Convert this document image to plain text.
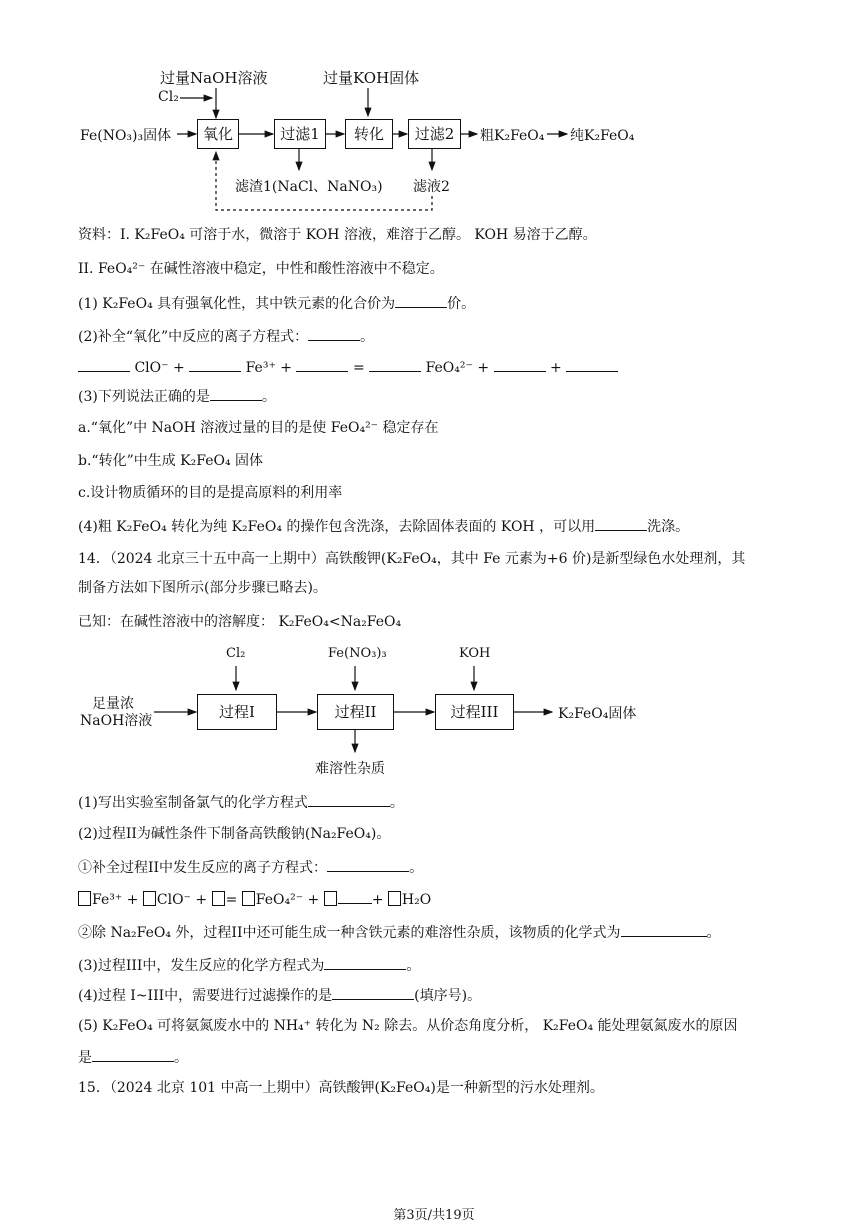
过量NaOH溶液
Cl₂
过量KOH固体
Fe(NO₃)₃固体	氧化	过滤1	转化	过滤2	粗K₂FeO₄ 纯K₂FeO₄
滤渣1(NaCl、NaNO₃) 滤液2
资料：I. K₂FeO₄ 可溶于水，微溶于 KOH 溶液，难溶于乙醇。 KOH 易溶于乙醇。
II. FeO₄²⁻ 在碱性溶液中稳定，中性和酸性溶液中不稳定。
(1) K₂FeO₄ 具有强氧化性，其中铁元素的化合价为	价。
(2)补全“氧化”中反应的离子方程式：	。
ClO⁻ +	Fe³⁺ +	=	FeO₄²⁻ +	+
(3)下列说法正确的是	。
a.“氧化”中 NaOH 溶液过量的目的是使 FeO₄²⁻ 稳定存在
b.“转化”中生成 K₂FeO₄ 固体
c.设计物质循环的目的是提高原料的利用率
(4)粗 K₂FeO₄ 转化为纯 K₂FeO₄ 的操作包含洗涤，去除固体表面的 KOH ，可以用	洗涤。
14．（2024 北京三十五中高一上期中）高铁酸钾(K₂FeO₄，其中 Fe 元素为+6 价)是新型绿色水处理剂，其
制备方法如下图所示(部分步骤已略去)。
已知：在碱性溶液中的溶解度： K₂FeO₄<Na₂FeO₄
Cl₂	Fe(NO₃)₃	KOH
足量浓
NaOH溶液	过程I	过程II	过程III	K₂FeO₄固体
难溶性杂质
(1)写出实验室制备氯气的化学方程式	。
(2)过程II为碱性条件下制备高铁酸钠(Na₂FeO₄)。
①补全过程II中发生反应的离子方程式：	。
Fe³⁺ + ClO⁻ + = FeO₄²⁻ +	+ H₂O
②除 Na₂FeO₄ 外，过程II中还可能生成一种含铁元素的难溶性杂质，该物质的化学式为	。
(3)过程III中，发生反应的化学方程式为	。
(4)过程 I~III中，需要进行过滤操作的是	(填序号)。
(5) K₂FeO₄ 可将氨氮废水中的 NH₄⁺ 转化为 N₂ 除去。从价态角度分析， K₂FeO₄ 能处理氨氮废水的原因
是	。
15．（2024 北京 101 中高一上期中）高铁酸钾(K₂FeO₄)是一种新型的污水处理剂。
第3页/共19页
